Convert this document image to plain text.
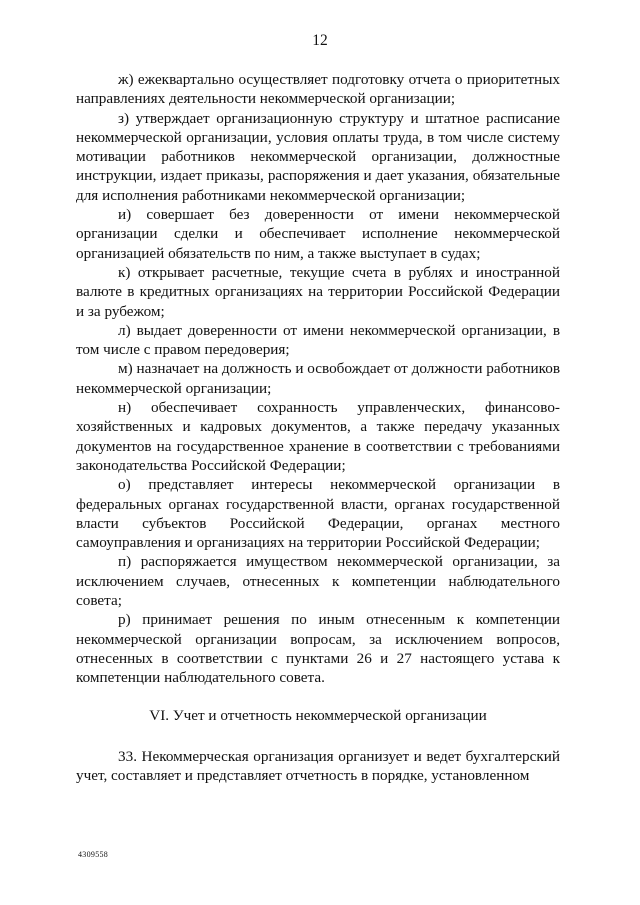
12

ж) ежеквартально осуществляет подготовку отчета о приоритетных направлениях деятельности некоммерческой организации;

з) утверждает организационную структуру и штатное расписание некоммерческой организации, условия оплаты труда, в том числе систему мотивации работников некоммерческой организации, должностные инструкции, издает приказы, распоряжения и дает указания, обязательные для исполнения работниками некоммерческой организации;

и) совершает без доверенности от имени некоммерческой организации сделки и обеспечивает исполнение некоммерческой организацией обязательств по ним, а также выступает в судах;

к) открывает расчетные, текущие счета в рублях и иностранной валюте в кредитных организациях на территории Российской Федерации и за рубежом;

л) выдает доверенности от имени некоммерческой организации, в том числе с правом передоверия;

м) назначает на должность и освобождает от должности работников некоммерческой организации;

н) обеспечивает сохранность управленческих, финансово-хозяйственных и кадровых документов, а также передачу указанных документов на государственное хранение в соответствии с требованиями законодательства Российской Федерации;

о) представляет интересы некоммерческой организации в федеральных органах государственной власти, органах государственной власти субъектов Российской Федерации, органах местного самоуправления и организациях на территории Российской Федерации;

п) распоряжается имуществом некоммерческой организации, за исключением случаев, отнесенных к компетенции наблюдательного совета;

р) принимает решения по иным отнесенным к компетенции некоммерческой организации вопросам, за исключением вопросов, отнесенных в соответствии с пунктами 26 и 27 настоящего устава к компетенции наблюдательного совета.

VI. Учет и отчетность некоммерческой организации

33. Некоммерческая организация организует и ведет бухгалтерский учет, составляет и представляет отчетность в порядке, установленном

4309558
